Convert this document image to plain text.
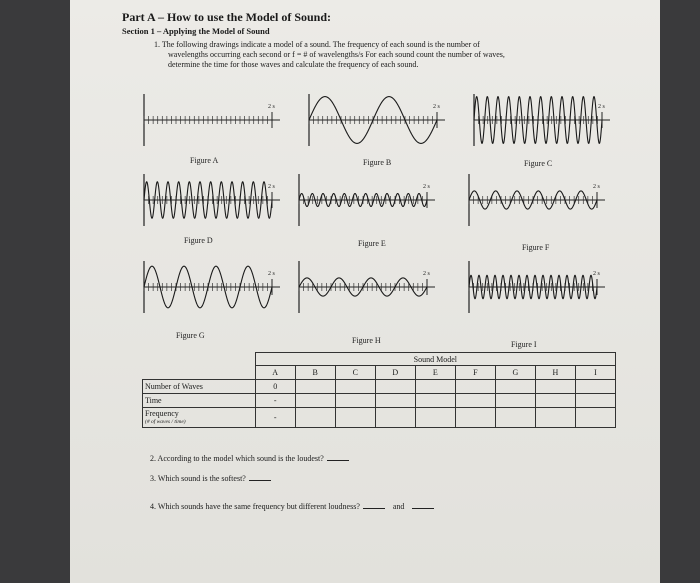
Part A – How to use the Model of Sound:
Section 1 – Applying the Model of Sound

1. The following drawings indicate a model of a sound. The frequency of each sound is the number of

wavelengths occurring each second or f = # of wavelengths/s For each sound count the number of waves,

determine the time for those waves and calculate the frequency of each sound.

2 s	2 s	2 s
2 s	2 s	2 s
2 s	2 s	2 s
Figure A	Figure B	Figure C
Figure D	Figure E	Figure F
Figure G
Figure H	Figure I
	Sound Model								
	A	B	C	D	E	F	G	H	I
Number of Waves	0								
Time	-								

Frequency
(# of waves / time)	-								
2. According to the model which sound is the loudest?
3. Which sound is the softest?
4. Which sounds have the same frequency but different loudness?	and
